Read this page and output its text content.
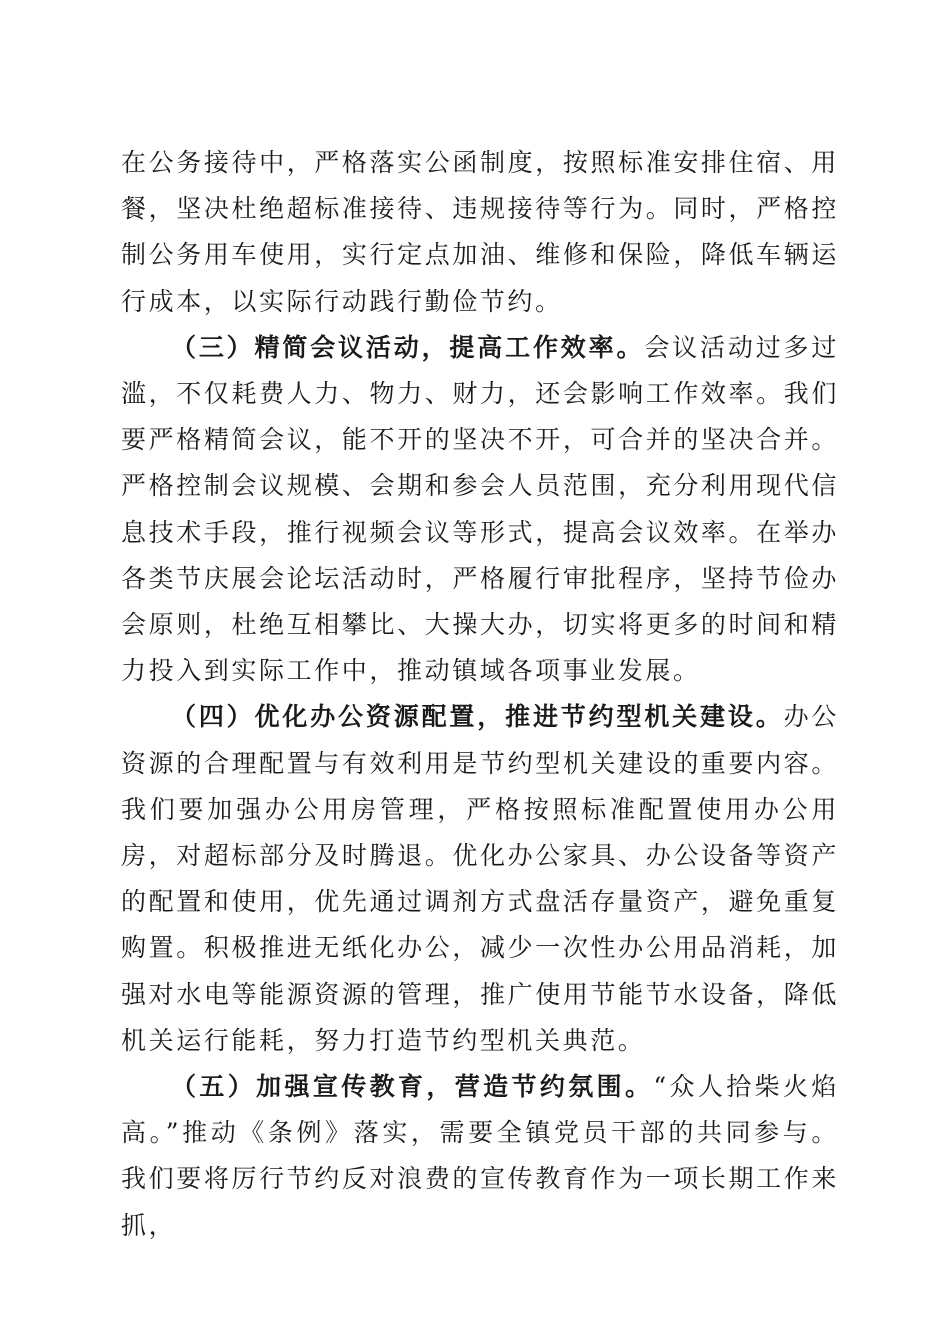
在公务接待中，严格落实公函制度，按照标准安排住宿、用餐，坚决杜绝超标准接待、违规接待等行为。同时，严格控制公务用车使用，实行定点加油、维修和保险，降低车辆运行成本，以实际行动践行勤俭节约。

（三）精简会议活动，提高工作效率。会议活动过多过滥，不仅耗费人力、物力、财力，还会影响工作效率。我们要严格精简会议，能不开的坚决不开，可合并的坚决合并。严格控制会议规模、会期和参会人员范围，充分利用现代信息技术手段，推行视频会议等形式，提高会议效率。在举办各类节庆展会论坛活动时，严格履行审批程序，坚持节俭办会原则，杜绝互相攀比、大操大办，切实将更多的时间和精力投入到实际工作中，推动镇域各项事业发展。

（四）优化办公资源配置，推进节约型机关建设。办公资源的合理配置与有效利用是节约型机关建设的重要内容。我们要加强办公用房管理，严格按照标准配置使用办公用房，对超标部分及时腾退。优化办公家具、办公设备等资产的配置和使用，优先通过调剂方式盘活存量资产，避免重复购置。积极推进无纸化办公，减少一次性办公用品消耗，加强对水电等能源资源的管理，推广使用节能节水设备，降低机关运行能耗，努力打造节约型机关典范。

（五）加强宣传教育，营造节约氛围。“众人拾柴火焰高。”推动《条例》落实，需要全镇党员干部的共同参与。我们要将厉行节约反对浪费的宣传教育作为一项长期工作来抓，
